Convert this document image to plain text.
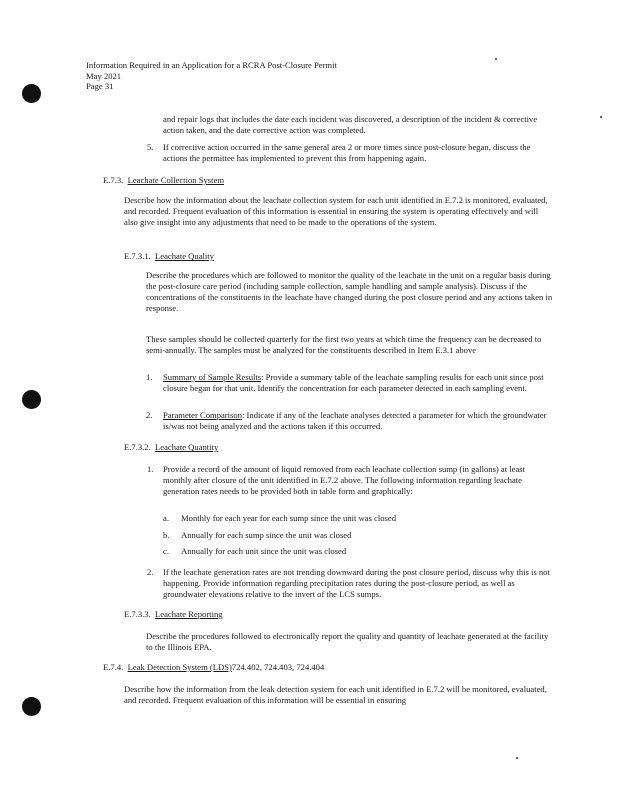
Information Required in an Application for a RCRA Post-Closure Permit
May 2021
Page 31

and repair logs that includes the date each incident was discovered, a description of the incident & corrective action taken, and the date corrective action was completed.

5. If corrective action occurred in the same general area 2 or more times since post-closure began, discuss the actions the permittee has implemented to prevent this from happening again.

E.7.3. Leachate Collection System

Describe how the information about the leachate collection system for each unit identified in E.7.2 is monitored, evaluated, and recorded. Frequent evaluation of this information is essential in ensuring the system is operating effectively and will also give insight into any adjustments that need to be made to the operations of the system.

E.7.3.1. Leachate Quality

Describe the procedures which are followed to monitor the quality of the leachate in the unit on a regular basis during the post-closure care period (including sample collection, sample handling and sample analysis). Discuss if the concentrations of the constituents in the leachate have changed during the post closure period and any actions taken in response.

These samples should be collected quarterly for the first two years at which time the frequency can be decreased to semi-annually. The samples must be analyzed for the constituents described in Item E.3.1 above

1. Summary of Sample Results: Provide a summary table of the leachate sampling results for each unit since post closure began for that unit. Identify the concentration for each parameter detected in each sampling event.

2. Parameter Comparison: Indicate if any of the leachate analyses detected a parameter for which the groundwater is/was not being analyzed and the actions taken if this occurred.

E.7.3.2. Leachate Quantity
1. Provide a record of the amount of liquid removed from each leachate collection sump (in gallons) at least monthly after closure of the unit identified in E.7.2 above. The following information regarding leachate generation rates needs to be provided both in table form and graphically:

a. Monthly for each year for each sump since the unit was closed
b. Annually for each sump since the unit was closed
c. Annually for each unit since the unit was closed
2. If the leachate generation rates are not trending downward during the post closure period, discuss why this is not happening. Provide information regarding precipitation rates during the post-closure period, as well as groundwater elevations relative to the invert of the LCS sumps.

E.7.3.3. Leachate Reporting

Describe the procedures followed to electronically report the quality and quantity of leachate generated at the facility to the Illinois EPA.

E.7.4. Leak Detection System (LDS)724.402, 724.403, 724.404

Describe how the information from the leak detection system for each unit identified in E.7.2 will be monitored, evaluated, and recorded. Frequent evaluation of this information will be essential in ensuring
